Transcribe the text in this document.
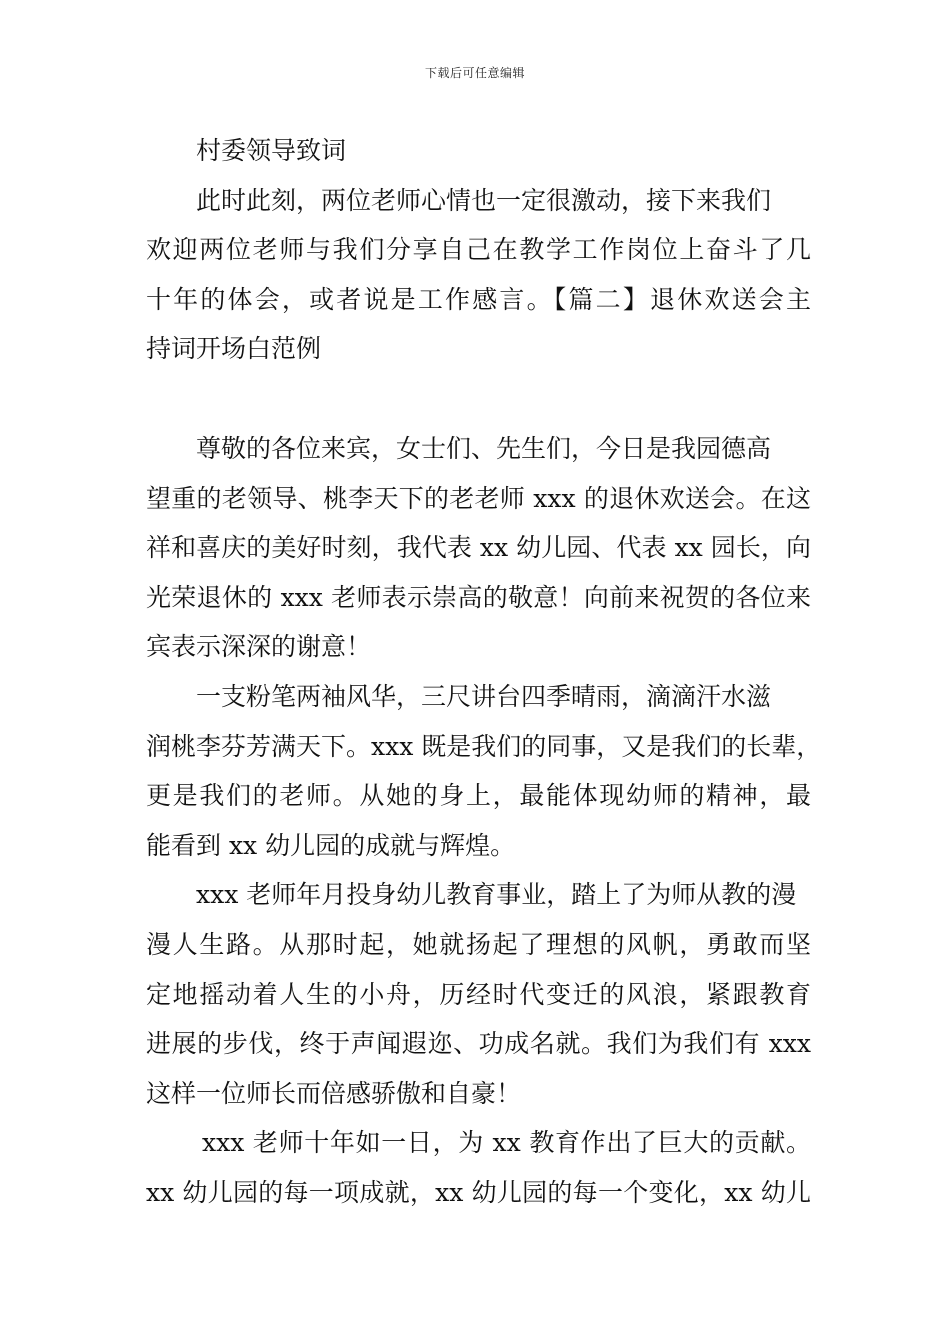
下载后可任意编辑
村委领导致词
此时此刻，两位老师心情也一定很激动，接下来我们
欢迎两位老师与我们分享自己在教学工作岗位上奋斗了几
十年的体会，或者说是工作感言。【篇二】退休欢送会主
持词开场白范例
尊敬的各位来宾，女士们、先生们，今日是我园德高
望重的老领导、桃李天下的老老师 xxx 的退休欢送会。在这
祥和喜庆的美好时刻，我代表 xx 幼儿园、代表 xx 园长，向
光荣退休的 xxx 老师表示崇高的敬意！向前来祝贺的各位来
宾表示深深的谢意！
一支粉笔两袖风华，三尺讲台四季晴雨，滴滴汗水滋
润桃李芬芳满天下。xxx 既是我们的同事，又是我们的长辈，
更是我们的老师。从她的身上，最能体现幼师的精神，最
能看到 xx 幼儿园的成就与辉煌。
xxx 老师年月投身幼儿教育事业，踏上了为师从教的漫
漫人生路。从那时起，她就扬起了理想的风帆，勇敢而坚
定地摇动着人生的小舟，历经时代变迁的风浪，紧跟教育
进展的步伐，终于声闻遐迩、功成名就。我们为我们有 xxx
这样一位师长而倍感骄傲和自豪！
xxx 老师十年如一日，为 xx 教育作出了巨大的贡献。
xx 幼儿园的每一项成就，xx 幼儿园的每一个变化，xx 幼儿
